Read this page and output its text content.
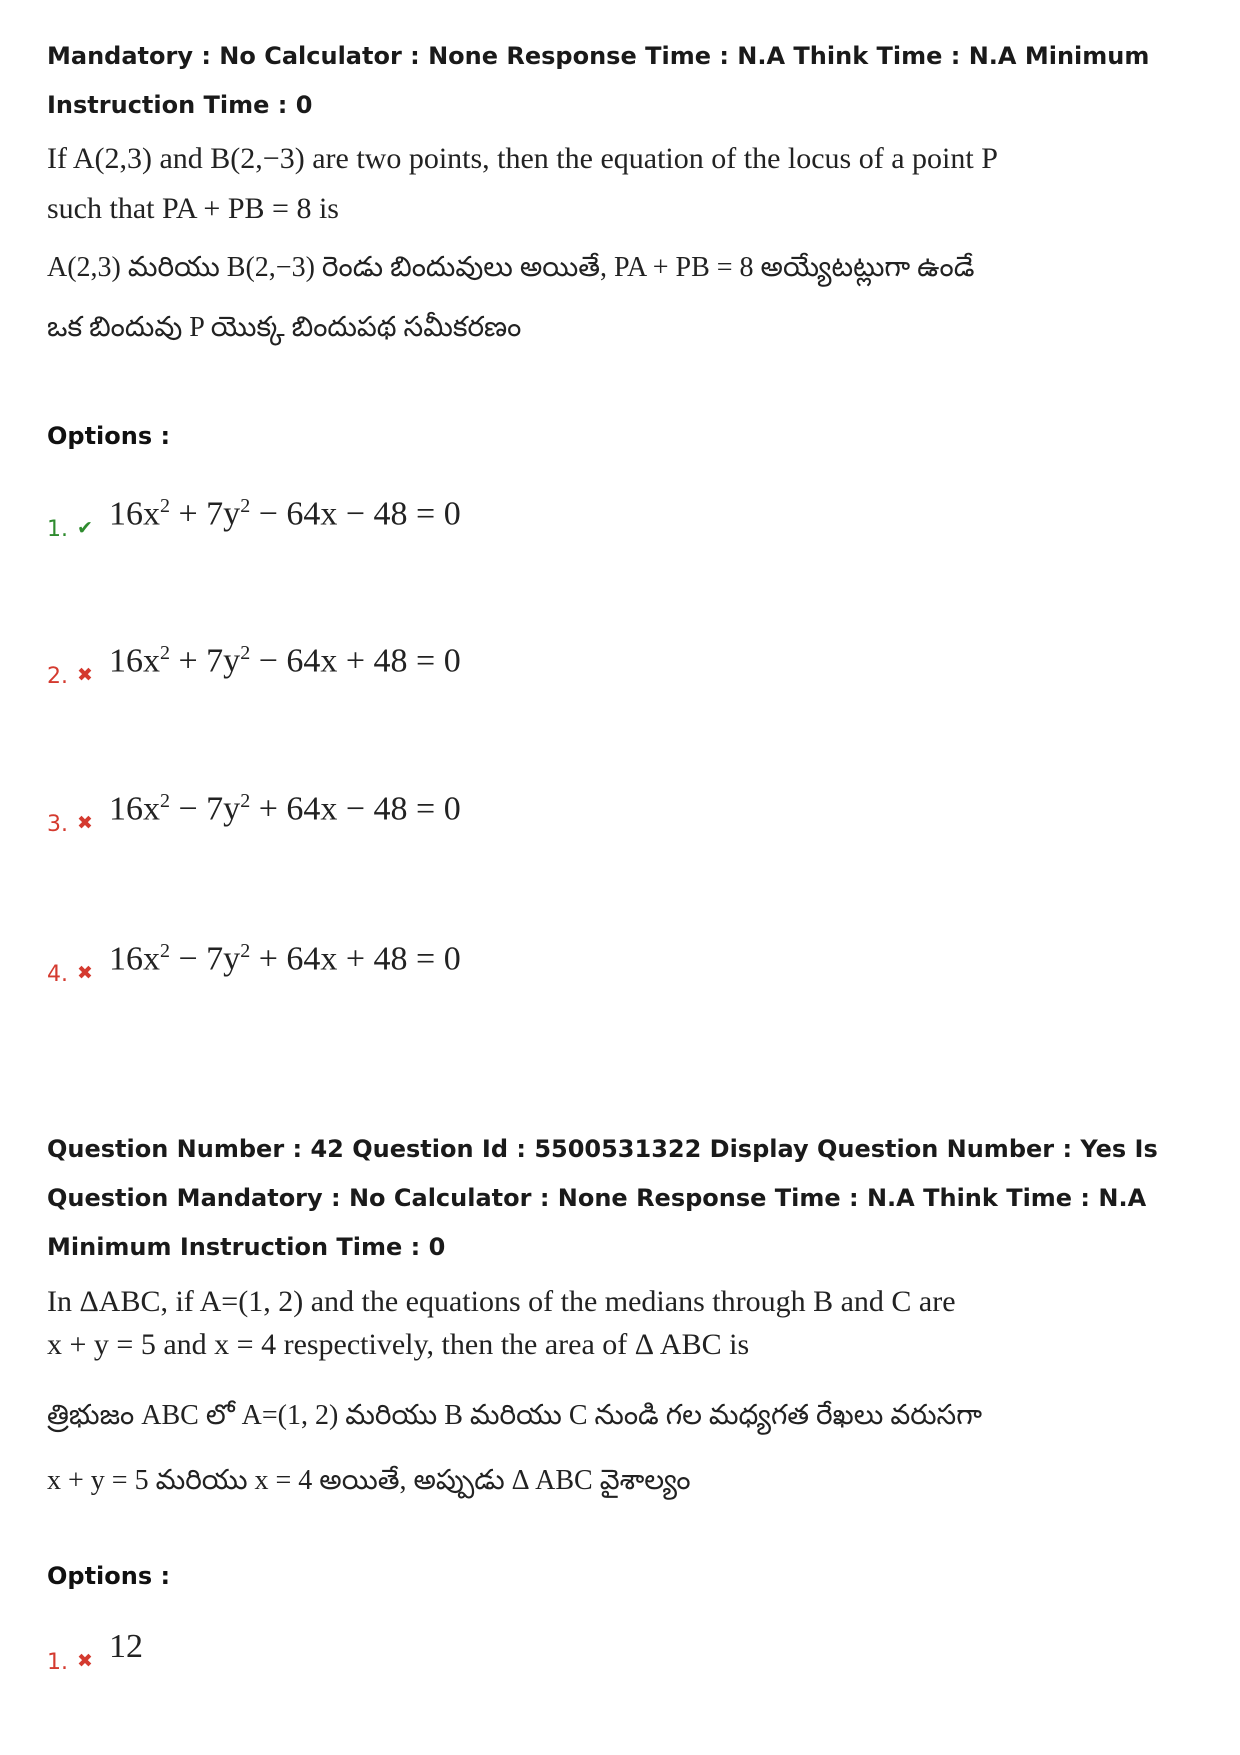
Mandatory : No Calculator : None Response Time : N.A Think Time : N.A Minimum Instruction Time : 0
If A(2,3) and B(2,−3) are two points, then the equation of the locus of a point P
such that PA + PB = 8 is
A(2,3) మరియు B(2,−3) రెండు బిందువులు అయితే, PA + PB = 8 అయ్యేటట్లుగా ఉండే
ఒక బిందువు P యొక్క బిందుపథ సమీకరణం
Options :
1. ✔ $16x^2 + 7y^2 - 64x - 48 = 0$
2. ✖ $16x^2 + 7y^2 - 64x + 48 = 0$
3. ✖ $16x^2 - 7y^2 + 64x - 48 = 0$
4. ✖ $16x^2 - 7y^2 + 64x + 48 = 0$
Question Number : 42 Question Id : 5500531322 Display Question Number : Yes Is Question Mandatory : No Calculator : None Response Time : N.A Think Time : N.A Minimum Instruction Time : 0
In ΔABC, if A=(1, 2) and the equations of the medians through B and C are
x + y = 5 and x = 4 respectively, then the area of Δ ABC is
త్రిభుజం ABC లో A=(1, 2) మరియు B మరియు C నుండి గల మధ్యగత రేఖలు వరుసగా
x + y = 5 మరియు x = 4 అయితే, అప్పుడు Δ ABC వైశాల్యం
Options :
1. ✖ 12
